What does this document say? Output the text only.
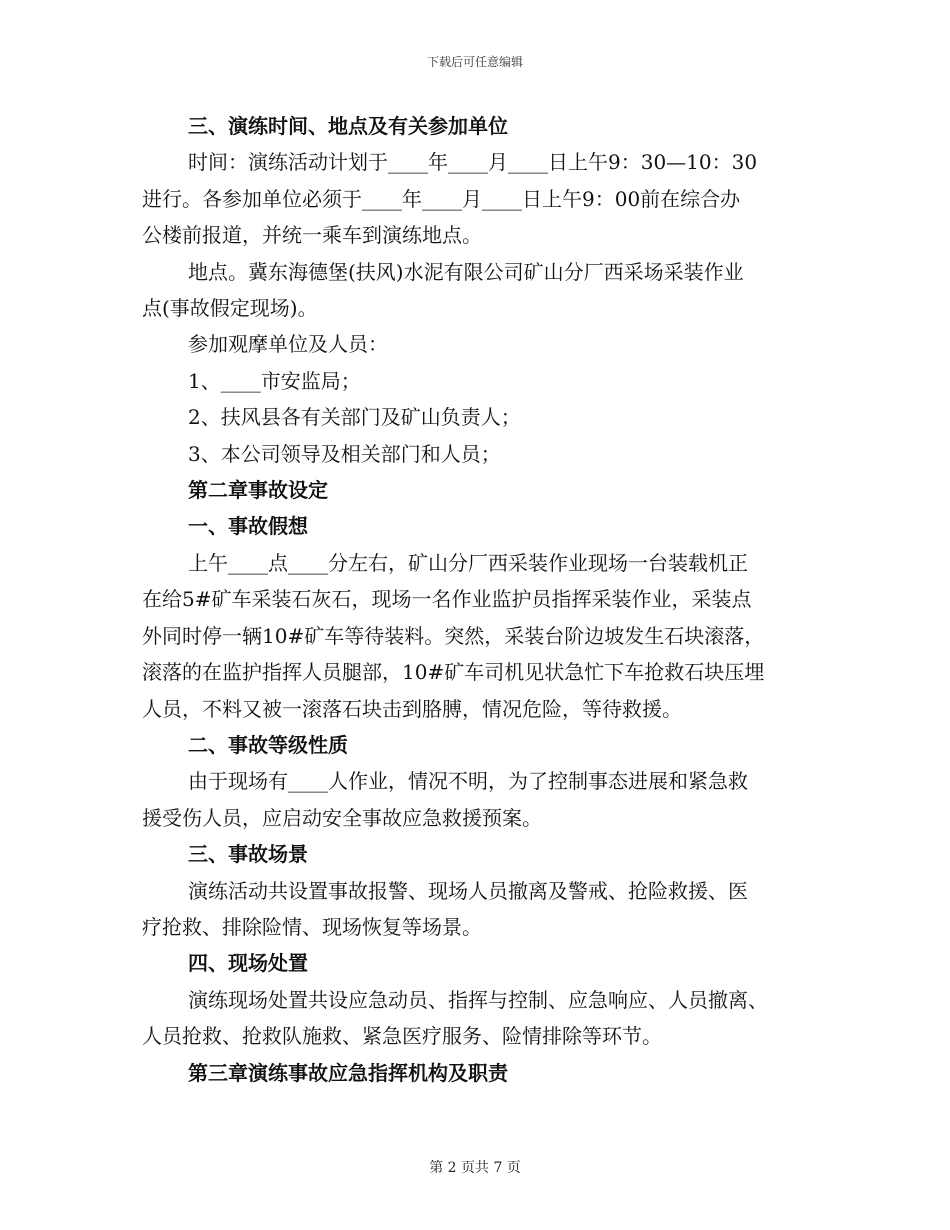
下载后可任意编辑
三、演练时间、地点及有关参加单位
时间：演练活动计划于____年____月____日上午9：30—10：30
进行。各参加单位必须于____年____月____日上午9：00前在综合办
公楼前报道，并统一乘车到演练地点。
地点。冀东海德堡(扶风)水泥有限公司矿山分厂西采场采装作业
点(事故假定现场)。
参加观摩单位及人员：
1、____市安监局；
2、扶风县各有关部门及矿山负责人；
3、本公司领导及相关部门和人员；
第二章事故设定
一、事故假想
上午____点____分左右，矿山分厂西采装作业现场一台装载机正
在给5#矿车采装石灰石，现场一名作业监护员指挥采装作业，采装点
外同时停一辆10#矿车等待装料。突然，采装台阶边坡发生石块滚落，
滚落的在监护指挥人员腿部，10#矿车司机见状急忙下车抢救石块压埋
人员，不料又被一滚落石块击到胳膊，情况危险，等待救援。
二、事故等级性质
由于现场有____人作业，情况不明，为了控制事态进展和紧急救
援受伤人员，应启动安全事故应急救援预案。
三、事故场景
演练活动共设置事故报警、现场人员撤离及警戒、抢险救援、医
疗抢救、排除险情、现场恢复等场景。
四、现场处置
演练现场处置共设应急动员、指挥与控制、应急响应、人员撤离、
人员抢救、抢救队施救、紧急医疗服务、险情排除等环节。
第三章演练事故应急指挥机构及职责
第 2 页共 7 页
